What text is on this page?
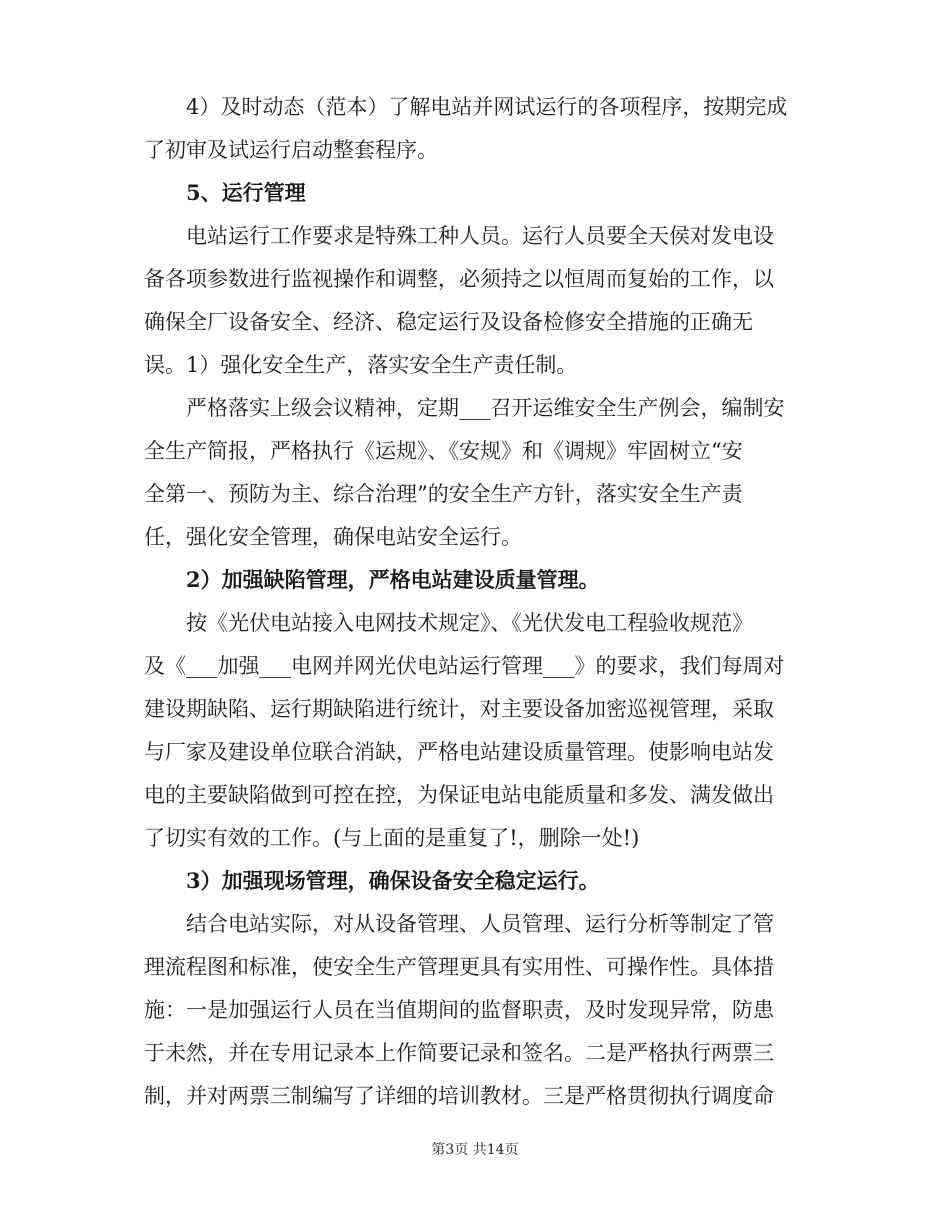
　　4）及时动态（范本）了解电站并网试运行的各项程序，按期完成
了初审及试运行启动整套程序。
　　5、运行管理
　　电站运行工作要求是特殊工种人员。运行人员要全天侯对发电设
备各项参数进行监视操作和调整，必须持之以恒周而复始的工作，以
确保全厂设备安全、经济、稳定运行及设备检修安全措施的正确无
误。1）强化安全生产，落实安全生产责任制。
　　严格落实上级会议精神，定期___召开运维安全生产例会，编制安
全生产简报，严格执行《运规》、《安规》和《调规》牢固树立“安
全第一、预防为主、综合治理”的安全生产方针，落实安全生产责
任，强化安全管理，确保电站安全运行。
　　2）加强缺陷管理，严格电站建设质量管理。
　　按《光伏电站接入电网技术规定》、《光伏发电工程验收规范》
及《___加强___电网并网光伏电站运行管理___》的要求，我们每周对
建设期缺陷、运行期缺陷进行统计，对主要设备加密巡视管理，采取
与厂家及建设单位联合消缺，严格电站建设质量管理。使影响电站发
电的主要缺陷做到可控在控，为保证电站电能质量和多发、满发做出
了切实有效的工作。(与上面的是重复了!，删除一处!)
　　3）加强现场管理，确保设备安全稳定运行。
　　结合电站实际，对从设备管理、人员管理、运行分析等制定了管
理流程图和标准，使安全生产管理更具有实用性、可操作性。具体措
施：一是加强运行人员在当值期间的监督职责，及时发现异常，防患
于未然，并在专用记录本上作简要记录和签名。二是严格执行两票三
制，并对两票三制编写了详细的培训教材。三是严格贯彻执行调度命
第3页 共14页
